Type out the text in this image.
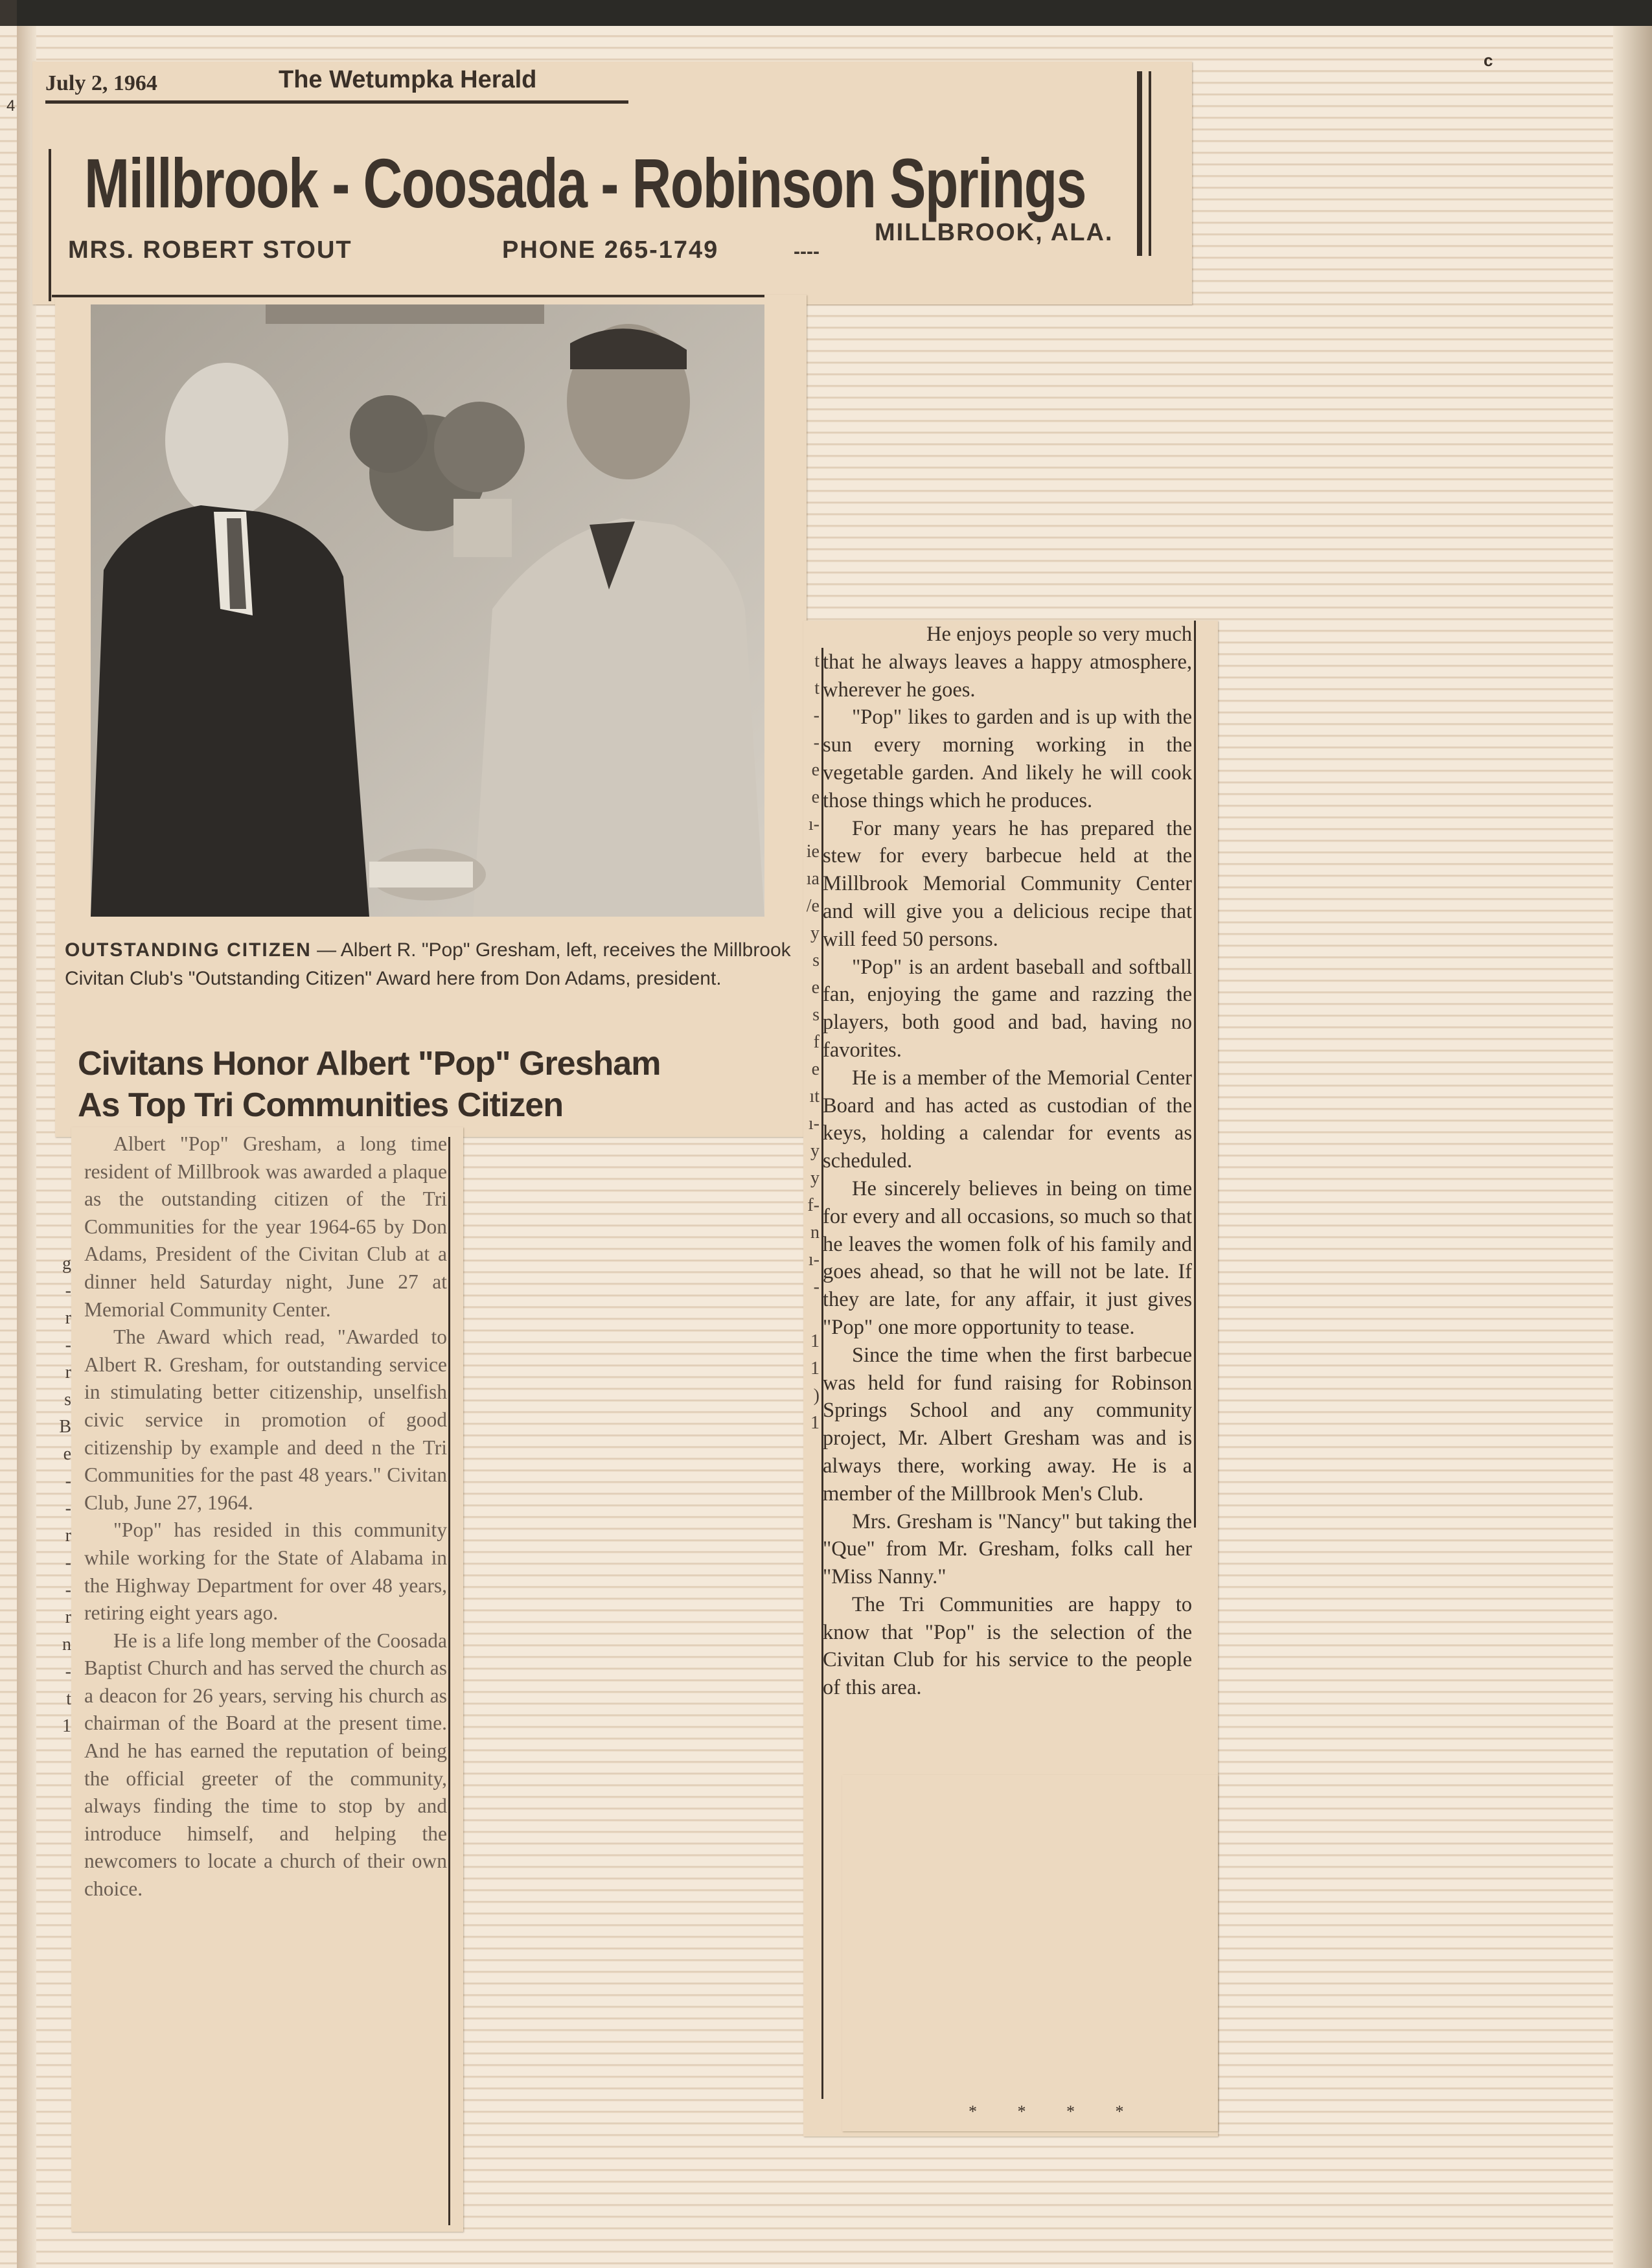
c
4
July 2, 1964	The Wetumpka Herald
Millbrook - Coosada - Robinson Springs
MRS. ROBERT STOUT	PHONE 265-1749	----
MILLBROOK, ALA.
OUTSTANDING CITIZEN — Albert R. "Pop" Gresham, left, receives the Millbrook Civitan Club's "Outstanding Citizen" Award here from Don Adams, president.
Civitans Honor Albert "Pop" Gresham
As Top Tri Communities Citizen

Albert "Pop" Gresham, a long time resident of Millbrook was awarded a plaque as the outstanding citizen of the Tri Communities for the year 1964-65 by Don Adams, President of the Civitan Club at a dinner held Saturday night, June 27 at Memorial Community Center.

The Award which read, "Awarded to Albert R. Gresham, for outstanding service in stimulating better citizenship, unselfish civic service in promotion of good citizenship by example and deed n the Tri Communities for the past 48 years." Civitan Club, June 27, 1964.

"Pop" has resided in this community while working for the State of Alabama in the Highway Department for over 48 years, retiring eight years ago.

He is a life long member of the Coosada Baptist Church and has served the church as a deacon for 26 years, serving his church as chairman of the Board at the present time. And he has earned the reputation of being the official greeter of the community, always finding the time to stop by and introduce himself, and helping the newcomers to locate a church of their own choice.

He enjoys people so very much that he always leaves a happy atmosphere, wherever he goes.

"Pop" likes to garden and is up with the sun every morning working in the vegetable garden. And likely he will cook those things which he produces.

For many years he has prepared the stew for every barbecue held at the Millbrook Memorial Community Center and will give you a delicious recipe that will feed 50 persons.

"Pop" is an ardent baseball and softball fan, enjoying the game and razzing the players, both good and bad, having no favorites.

He is a member of the Memorial Center Board and has acted as custodian of the keys, holding a calendar for events as scheduled.

He sincerely believes in being on time for every and all occasions, so much so that he leaves the women folk of his family and goes ahead, so that he will not be late. If they are late, for any affair, it just gives "Pop" one more opportunity to tease.

Since the time when the first barbecue was held for fund raising for Robinson Springs School and any community project, Mr. Albert Gresham was and is always there, working away. He is a member of the Millbrook Men's Club.

Mrs. Gresham is "Nancy" but taking the "Que" from Mr. Gresham, folks call her "Miss Nanny."

The Tri Communities are happy to know that "Pop" is the selection of the Civitan Club for his service to the people of this area.

* * * *
g
-
r
-
r
s
B
e
-
-
r
-
-
r
n
-
t
1
t
t
-
-
e
e
ı-
ie
ıa
/e
y
s
e
s
f
e
ıt
ı-
y
y
f-
n
ı-
-

1
1
)
1
